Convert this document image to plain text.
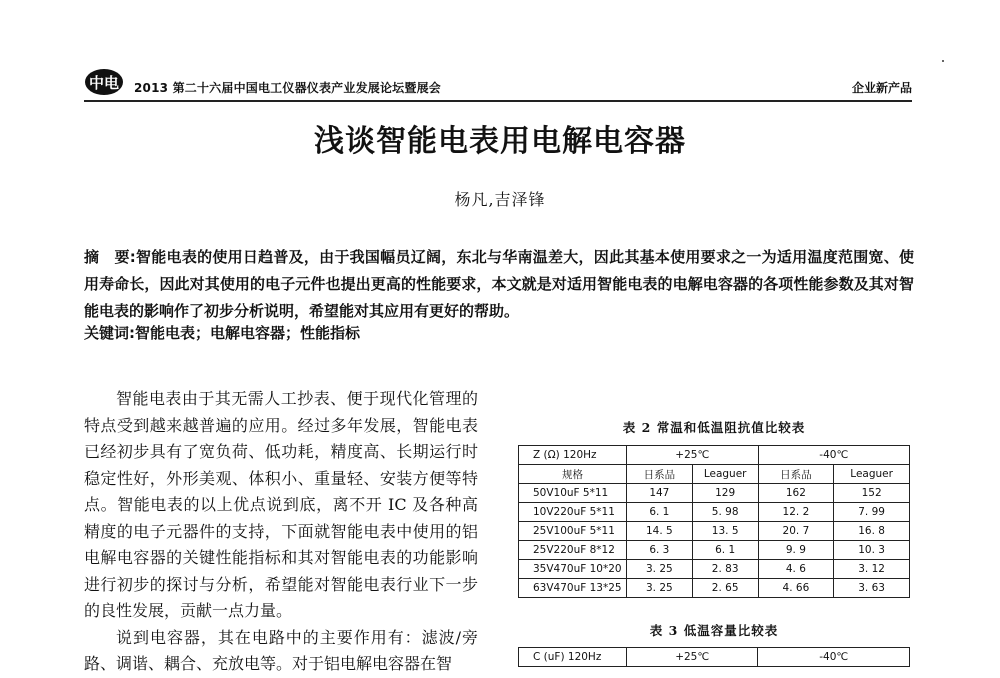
中电 2013 第二十六届中国电工仪器仪表产业发展论坛暨展会	企业新产品
浅谈智能电表用电解电容器
杨凡,吉泽锋
摘　要:智能电表的使用日趋普及，由于我国幅员辽阔，东北与华南温差大，因此其基本使用要求之一为适用温度范围宽、使用寿命长，因此对其使用的电子元件也提出更高的性能要求，本文就是对适用智能电表的电解电容器的各项性能参数及其对智能电表的影响作了初步分析说明，希望能对其应用有更好的帮助。
关键词:智能电表；电解电容器；性能指标

智能电表由于其无需人工抄表、便于现代化管理的特点受到越来越普遍的应用。经过多年发展，智能电表已经初步具有了宽负荷、低功耗，精度高、长期运行时稳定性好，外形美观、体积小、重量轻、安装方便等特点。智能电表的以上优点说到底，离不开 IC 及各种高精度的电子元器件的支持，下面就智能电表中使用的铝电解电容器的关键性能指标和其对智能电表的功能影响进行初步的探讨与分析，希望能对智能电表行业下一步的良性发展，贡献一点力量。

说到电容器，其在电路中的主要作用有：滤波/旁路、调谐、耦合、充放电等。对于铝电解电容器在智

表 2 常温和低温阻抗值比较表
Z (Ω) 120Hz	+25℃		-40℃	
规格	日系品	Leaguer	日系品	Leaguer
50V10uF 5*11	147	129	162	152
10V220uF 5*11	6. 1	5. 98	12. 2	7. 99
25V100uF 5*11	14. 5	13. 5	20. 7	16. 8
25V220uF 8*12	6. 3	6. 1	9. 9	10. 3
35V470uF 10*20	3. 25	2. 83	4. 6	3. 12
63V470uF 13*25	3. 25	2. 65	4. 66	3. 63
表 3 低温容量比较表
C (uF) 120Hz	+25℃	-40℃
